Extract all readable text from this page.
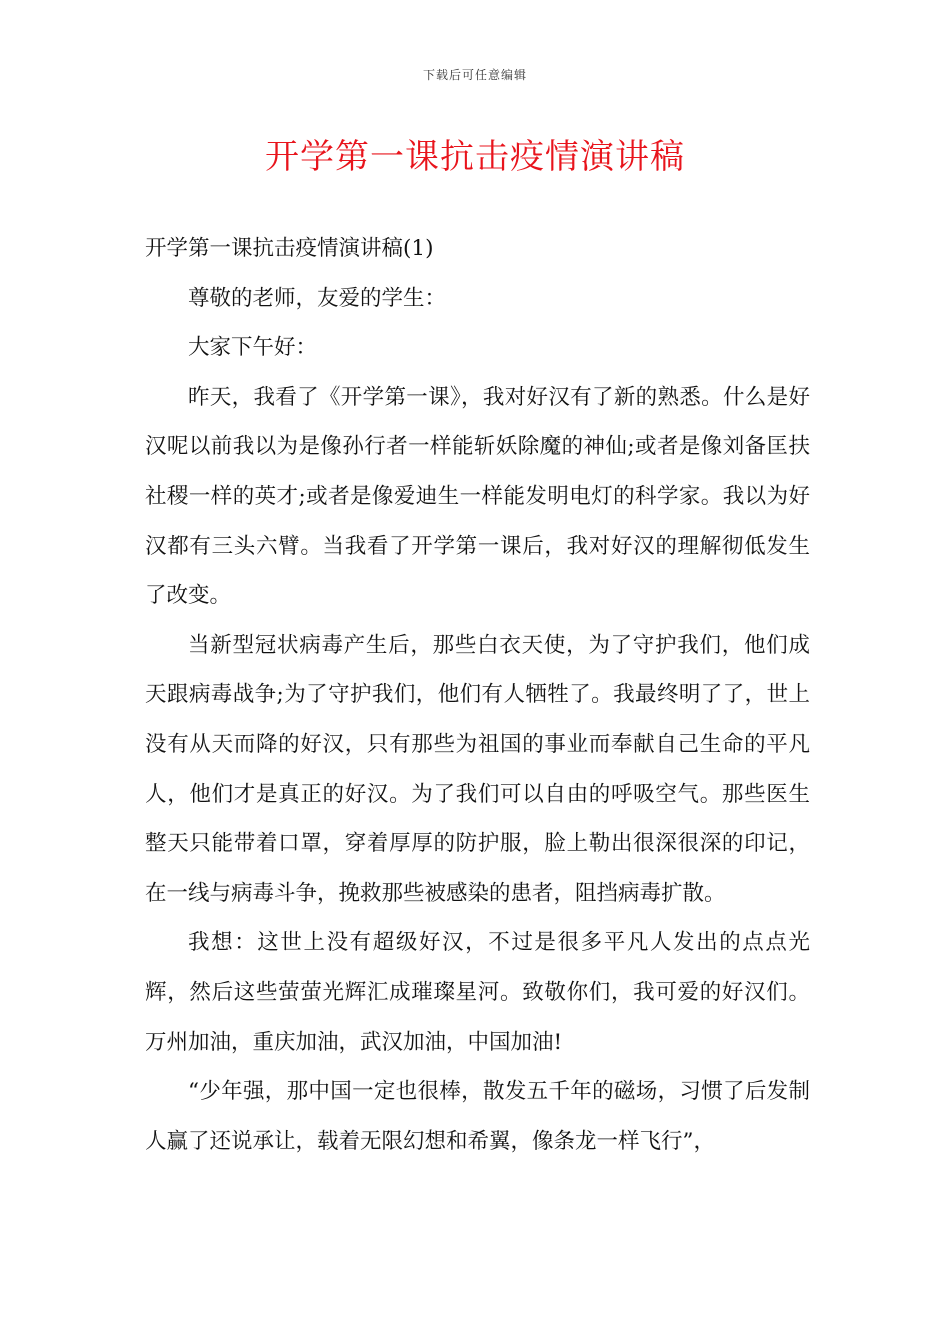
下载后可任意编辑
开学第一课抗击疫情演讲稿

开学第一课抗击疫情演讲稿(1)

尊敬的老师，友爱的学生：

大家下午好：

昨天，我看了《开学第一课》，我对好汉有了新的熟悉。什么是好汉呢以前我以为是像孙行者一样能斩妖除魔的神仙;或者是像刘备匡扶社稷一样的英才;或者是像爱迪生一样能发明电灯的科学家。我以为好汉都有三头六臂。当我看了开学第一课后，我对好汉的理解彻低发生了改变。

当新型冠状病毒产生后，那些白衣天使，为了守护我们，他们成天跟病毒战争;为了守护我们，他们有人牺牲了。我最终明了了，世上没有从天而降的好汉，只有那些为祖国的事业而奉献自己生命的平凡人，他们才是真正的好汉。为了我们可以自由的呼吸空气。那些医生整天只能带着口罩，穿着厚厚的防护服，脸上勒出很深很深的印记，在一线与病毒斗争，挽救那些被感染的患者，阻挡病毒扩散。

我想：这世上没有超级好汉，不过是很多平凡人发出的点点光辉，然后这些萤萤光辉汇成璀璨星河。致敬你们，我可爱的好汉们。万州加油，重庆加油，武汉加油，中国加油!

“少年强，那中国一定也很棒，散发五千年的磁场，习惯了后发制人赢了还说承让，载着无限幻想和希翼，像条龙一样飞行”，
